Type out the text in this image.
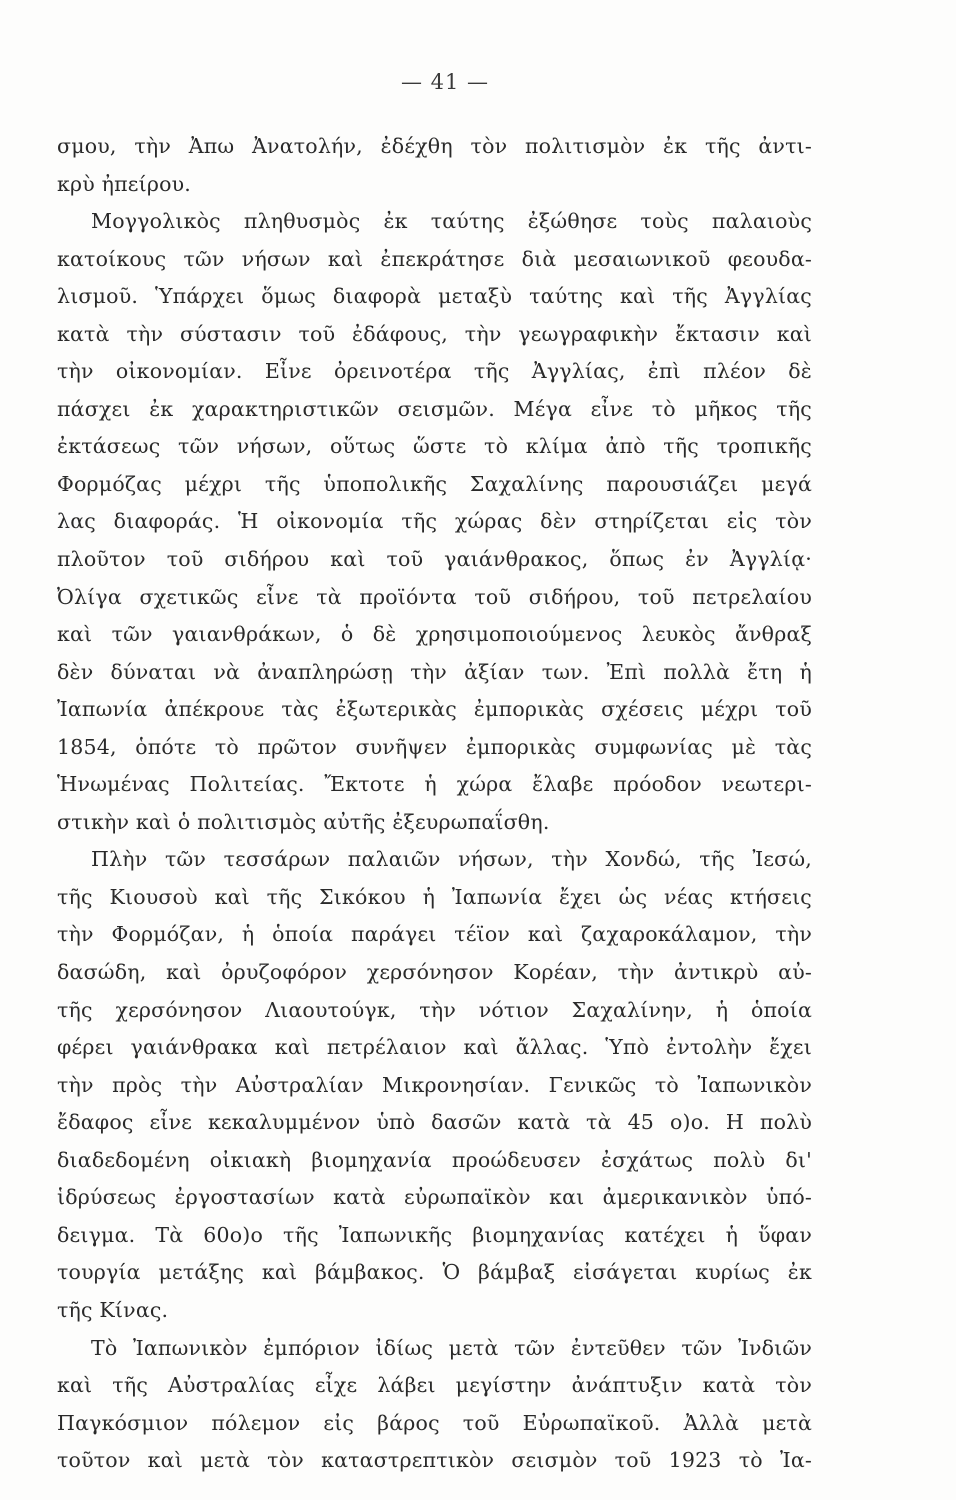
— 41 —
σμου, τὴν Ἀπω Ἀνατολήν, ἐδέχθη τὸν πολιτισμὸν ἐκ τῆς ἀντι-
κρὺ ἠπείρου.
Μογγολικὸς πληθυσμὸς ἐκ ταύτης ἐξώθησε τοὺς παλαιοὺς
κατοίκους τῶν νήσων καὶ ἐπεκράτησε διὰ μεσαιωνικοῦ φεουδα-
λισμοῦ. Ὑπάρχει ὅμως διαφορὰ μεταξὺ ταύτης καὶ τῆς Ἀγγλίας
κατὰ τὴν σύστασιν τοῦ ἐδάφους, τὴν γεωγραφικὴν ἔκτασιν καὶ
τὴν οἰκονομίαν. Εἶνε ὀρεινοτέρα τῆς Ἀγγλίας, ἐπὶ πλέον δὲ
πάσχει ἐκ χαρακτηριστικῶν σεισμῶν. Μέγα εἶνε τὸ μῆκος τῆς
ἐκτάσεως τῶν νήσων, οὕτως ὥστε τὸ κλίμα ἀπὸ τῆς τροπικῆς
Φορμόζας μέχρι τῆς ὑποπολικῆς Σαχαλίνης παρουσιάζει μεγά
λας διαφοράς. Ἡ οἰκονομία τῆς χώρας δὲν στηρίζεται εἰς τὸν
πλοῦτον τοῦ σιδήρου καὶ τοῦ γαιάνθρακος, ὅπως ἐν Ἀγγλίᾳ·
Ὀλίγα σχετικῶς εἶνε τὰ προϊόντα τοῦ σιδήρου, τοῦ πετρελαίου
καὶ τῶν γαιανθράκων, ὁ δὲ χρησιμοποιούμενος λευκὸς ἄνθραξ
δὲν δύναται νὰ ἀναπληρώσῃ τὴν ἀξίαν των. Ἐπὶ πολλὰ ἔτη ἡ
Ἰαπωνία ἀπέκρουε τὰς ἐξωτερικὰς ἐμπορικὰς σχέσεις μέχρι τοῦ
1854, ὁπότε τὸ πρῶτον συνῆψεν ἐμπορικὰς συμφωνίας μὲ τὰς
Ἡνωμένας Πολιτείας. Ἔκτοτε ἡ χώρα ἔλαβε πρόοδον νεωτερι-
στικὴν καὶ ὁ πολιτισμὸς αὐτῆς ἐξευρωπαΐσθη.
Πλὴν τῶν τεσσάρων παλαιῶν νήσων, τὴν Χονδώ, τῆς Ἰεσώ,
τῆς Κιουσοὺ καὶ τῆς Σικόκου ἡ Ἰαπωνία ἔχει ὡς νέας κτήσεις
τὴν Φορμόζαν, ἡ ὁποία παράγει τέϊον καὶ ζαχαροκάλαμον, τὴν
δασώδη, καὶ ὀρυζοφόρον χερσόνησον Κορέαν, τὴν ἀντικρὺ αὐ-
τῆς χερσόνησον Λιαουτούγκ, τὴν νότιον Σαχαλίνην, ἡ ὁποία
φέρει γαιάνθρακα καὶ πετρέλαιον καὶ ἄλλας. Ὑπὸ ἐντολὴν ἔχει
τὴν πρὸς τὴν Αὐστραλίαν Μικρονησίαν. Γενικῶς τὸ Ἰαπωνικὸν
ἔδαφος εἶνε κεκαλυμμένον ὑπὸ δασῶν κατὰ τὰ 45 ο)ο. Η πολὺ
διαδεδομένη οἰκιακὴ βιομηχανία προώδευσεν ἐσχάτως πολὺ δι'
ἱδρύσεως ἐργοστασίων κατὰ εὐρωπαϊκὸν και ἀμερικανικὸν ὑπό-
δειγμα. Τὰ 60ο)ο τῆς Ἰαπωνικῆς βιομηχανίας κατέχει ἡ ὕφαν
τουργία μετάξης καὶ βάμβακος. Ὁ βάμβαξ εἰσάγεται κυρίως ἐκ
τῆς Κίνας.
Τὸ Ἰαπωνικὸν ἐμπόριον ἰδίως μετὰ τῶν ἐντεῦθεν τῶν Ἰνδιῶν
καὶ τῆς Αὐστραλίας εἶχε λάβει μεγίστην ἀνάπτυξιν κατὰ τὸν
Παγκόσμιον πόλεμον εἰς βάρος τοῦ Εὐρωπαϊκοῦ. Ἀλλὰ μετὰ
τοῦτον καὶ μετὰ τὸν καταστρεπτικὸν σεισμὸν τοῦ 1923 τὸ Ἰα-
